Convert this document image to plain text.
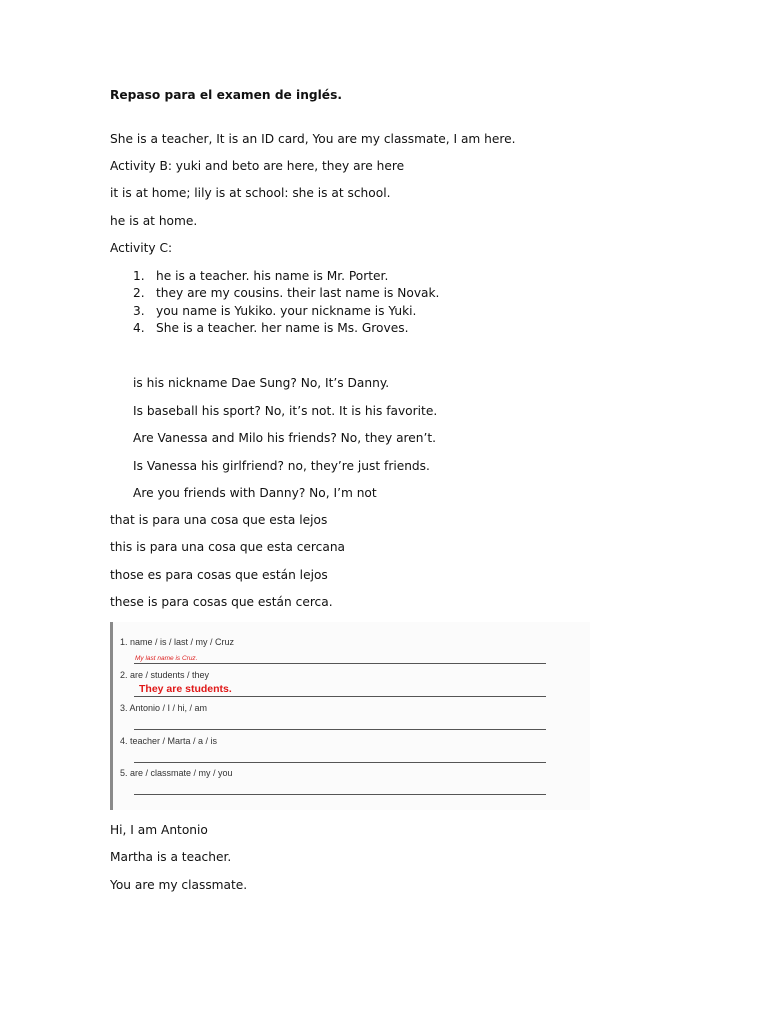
Repaso para el examen de inglés.
She is a teacher, It is an ID card, You are my classmate, I am here.
Activity B: yuki and beto are here, they are here
it is at home; lily is at school: she is at school.
he is at home.
Activity C:
1. he is a teacher. his name is Mr. Porter.
2. they are my cousins. their last name is Novak.
3. you name is Yukiko. your nickname is Yuki.
4. She is a teacher. her name is Ms. Groves.
is his nickname Dae Sung? No, It’s Danny.
Is baseball his sport? No, it’s not. It is his favorite.
Are Vanessa and Milo his friends? No, they aren’t.
Is Vanessa his girlfriend? no, they’re just friends.
Are you friends with Danny? No, I’m not
that is para una cosa que esta lejos
this is para una cosa que esta cercana
those es para cosas que están lejos
these is para cosas que están cerca.
1. name / is / last / my / Cruz
My last name is Cruz.
2. are / students / they
They are students.
3. Antonio / I / hi, / am
4. teacher / Marta / a / is
5. are / classmate / my / you
Hi, I am Antonio
Martha is a teacher.
You are my classmate.
